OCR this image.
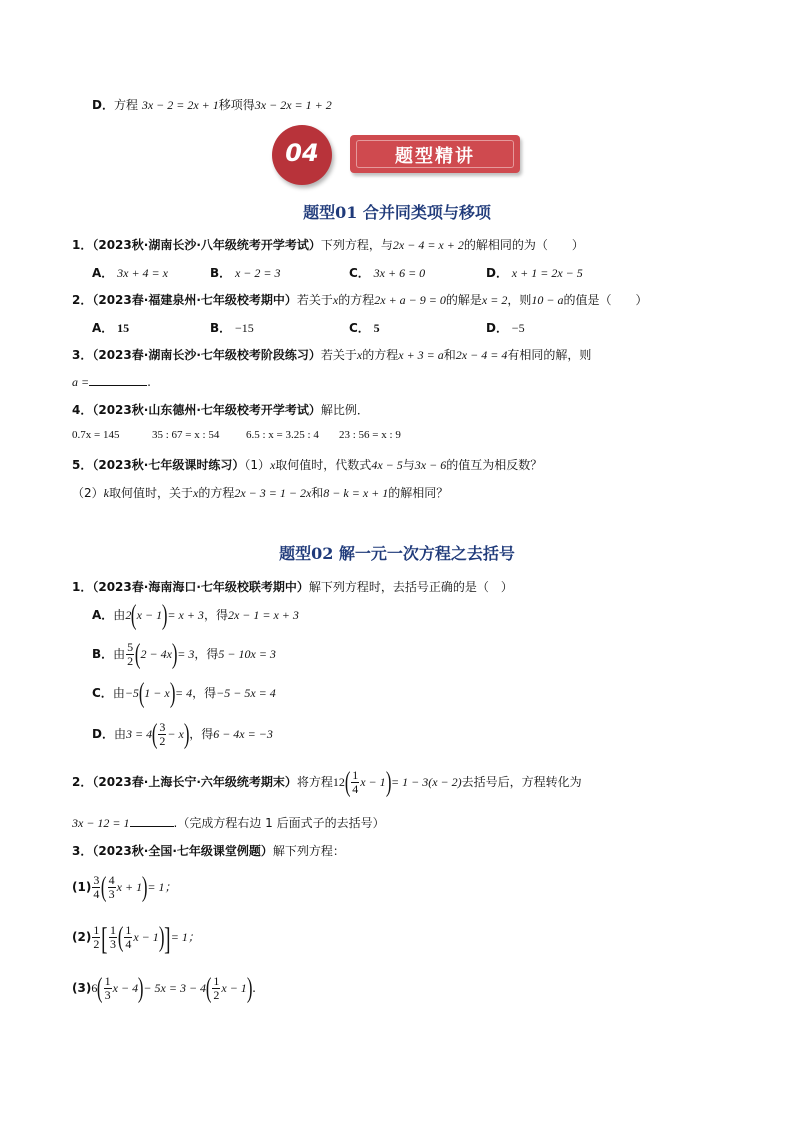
D．方程 3x − 2 = 2x + 1移项得3x − 2x = 1 + 2
题型精讲
04
题型01 合并同类项与移项
1．（2023秋·湖南长沙·八年级统考开学考试）下列方程，与2x − 4 = x + 2的解相同的为（　　）
A． 3x + 4 = x	B． x − 2 = 3	C． 3x + 6 = 0	D． x + 1 = 2x − 5
2．（2023春·福建泉州·七年级校考期中）若关于x的方程2x + a − 9 = 0的解是x = 2，则10 − a的值是（　　）
A． 15	B． −15	C． 5	D． −5
3．（2023春·湖南长沙·七年级校考阶段练习）若关于x的方程x + 3 = a和2x − 4 = 4有相同的解，则
a =	.
4．（2023秋·山东德州·七年级校考开学考试）解比例．
0.7x = 145	35 : 67 = x : 54 6.5 : x = 3.25 : 4 23 : 56 = x : 9
5．（2023秋·七年级课时练习）（1）x取何值时，代数式4x − 5与3x − 6的值互为相反数？
（2）k取何值时，关于x的方程2x − 3 = 1 − 2x和8 − k = x + 1的解相同？
题型02 解一元一次方程之去括号
1．（2023春·海南海口·七年级校联考期中）解下列方程时，去括号正确的是（　）
A．由2(x − 1)= x + 3，得2x − 1 = x + 3
B．由 $\frac{5}{2} (2 - 4x)= 3$，得5 − 10x = 3
C．由−5(1 − x)= 4，得−5 − 5x = 4
D．由$3 = 4( \frac{3}{2} - x)$，得6 − 4x = −3
2．（2023春·上海长宁·六年级统考期末）将方程$12( \frac{1}{4}$ x − 1)= 1 − 3(x − 2)去括号后，方程转化为
3x − 12 = 1	.（完成方程右边 1 后面式子的去括号）
3．（2023秋·全国·七年级课堂例题）解下列方程：
$(1) \frac{3}{4}$ ( $\frac{4}{3}$ x + 1)= 1；
$(2) \frac{1}{2}$ [ $\frac{1}{3}$ ( $\frac{1}{4}$ x − 1)]= 1；
$(3)6( \frac{1}{3}$ $x - 4)- 5x = 3 - 4( \frac{1}{2}$ x − 1).
